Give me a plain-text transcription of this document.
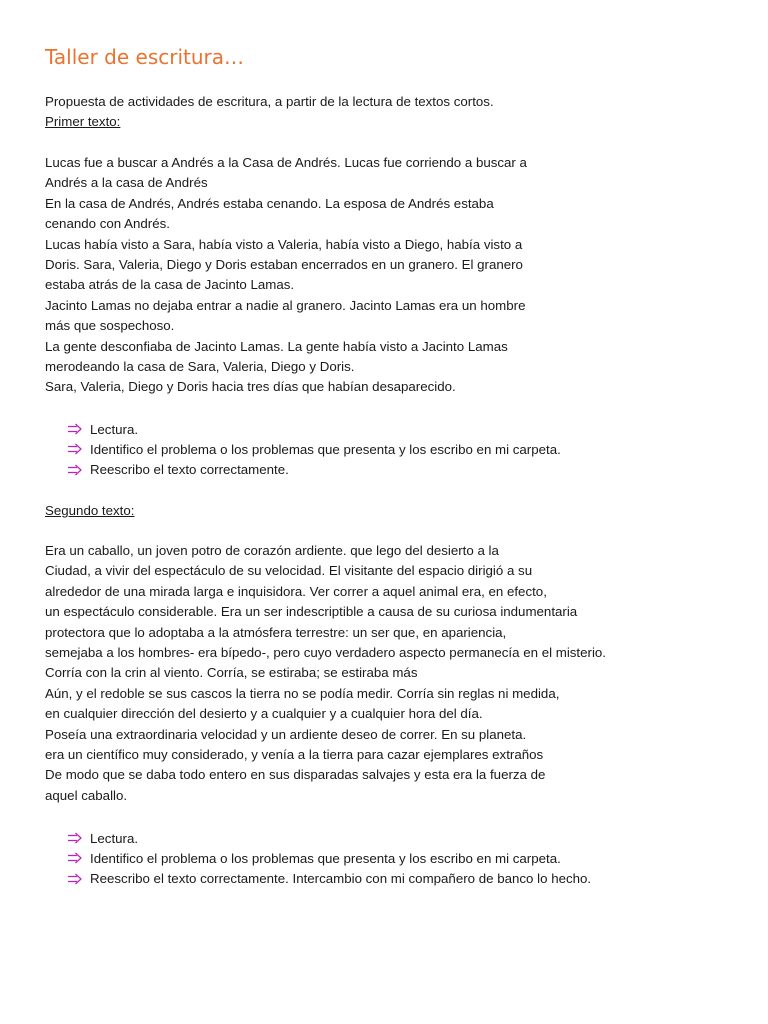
Taller de escritura…
Propuesta de actividades de escritura, a partir de la lectura de textos cortos.
Primer texto:
Lucas fue a buscar a Andrés a la Casa de Andrés. Lucas fue corriendo a buscar a
Andrés a la casa de Andrés
En la casa de Andrés, Andrés estaba cenando. La esposa de Andrés estaba
cenando con Andrés.
Lucas había visto a Sara, había visto a Valeria, había visto a Diego, había visto a
Doris. Sara, Valeria, Diego y Doris estaban encerrados en un granero. El granero
estaba atrás de la casa de Jacinto Lamas.
Jacinto Lamas no dejaba entrar a nadie al granero. Jacinto Lamas era un hombre
más que sospechoso.
La gente desconfiaba de Jacinto Lamas. La gente había visto a Jacinto Lamas
merodeando la casa de Sara, Valeria, Diego y Doris.
Sara, Valeria, Diego y Doris hacia tres días que habían desaparecido.
Lectura.
Identifico el problema o los problemas que presenta y los escribo en mi carpeta.
Reescribo el texto correctamente.
Segundo texto:
Era un caballo, un joven potro de corazón ardiente. que lego del desierto a la
Ciudad, a vivir del espectáculo de su velocidad. El visitante del espacio dirigió a su
alrededor de una mirada larga e inquisidora. Ver correr a aquel animal era, en efecto,
un espectáculo considerable. Era un ser indescriptible a causa de su curiosa indumentaria
protectora que lo adoptaba a la atmósfera terrestre: un ser que, en apariencia,
semejaba a los hombres- era bípedo-, pero cuyo verdadero aspecto permanecía en el misterio.
Corría con la crin al viento. Corría, se estiraba; se estiraba más
Aún, y el redoble se sus cascos la tierra no se podía medir. Corría sin reglas ni medida,
en cualquier dirección del desierto y a cualquier y a cualquier hora del día.
Poseía una extraordinaria velocidad y un ardiente deseo de correr. En su planeta.
era un científico muy considerado, y venía a la tierra para cazar ejemplares extraños
De modo que se daba todo entero en sus disparadas salvajes y esta era la fuerza de
aquel caballo.
Lectura.
Identifico el problema o los problemas que presenta y los escribo en mi carpeta.
Reescribo el texto correctamente. Intercambio con mi compañero de banco lo hecho.
